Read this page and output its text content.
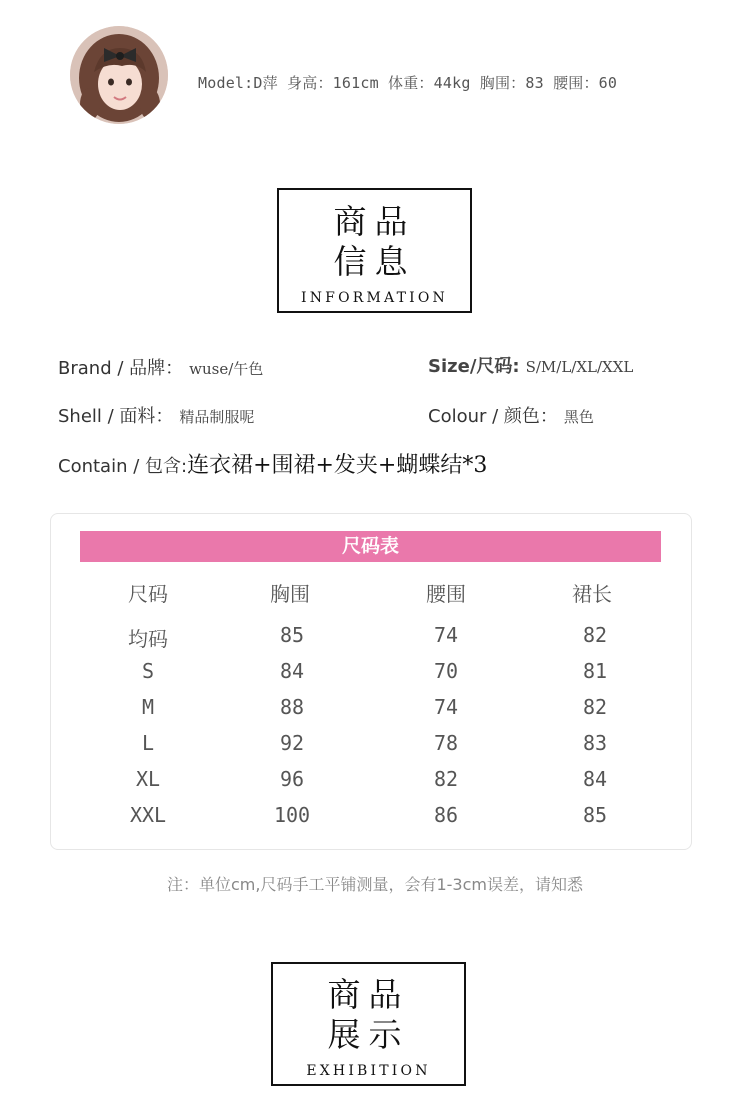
Model:D萍 身高：161cm 体重：44kg 胸围：83 腰围：60
商品
信息
INFORMATION
Brand / 品牌： wuse/午色	Size/尺码: S/M/L/XL/XXL
Shell / 面料： 精品制服呢	Colour / 颜色： 黑色
Contain / 包含:连衣裙+围裙+发夹+蝴蝶结*3
尺码表
尺码	胸围	腰围	裙长
均码	85	74	82
S	84	70	81
M	88	74	82
L	92	78	83
XL	96	82	84
XXL	100	86	85
注：单位cm,尺码手工平铺测量，会有1-3cm误差，请知悉
商品
展示
EXHIBITION
